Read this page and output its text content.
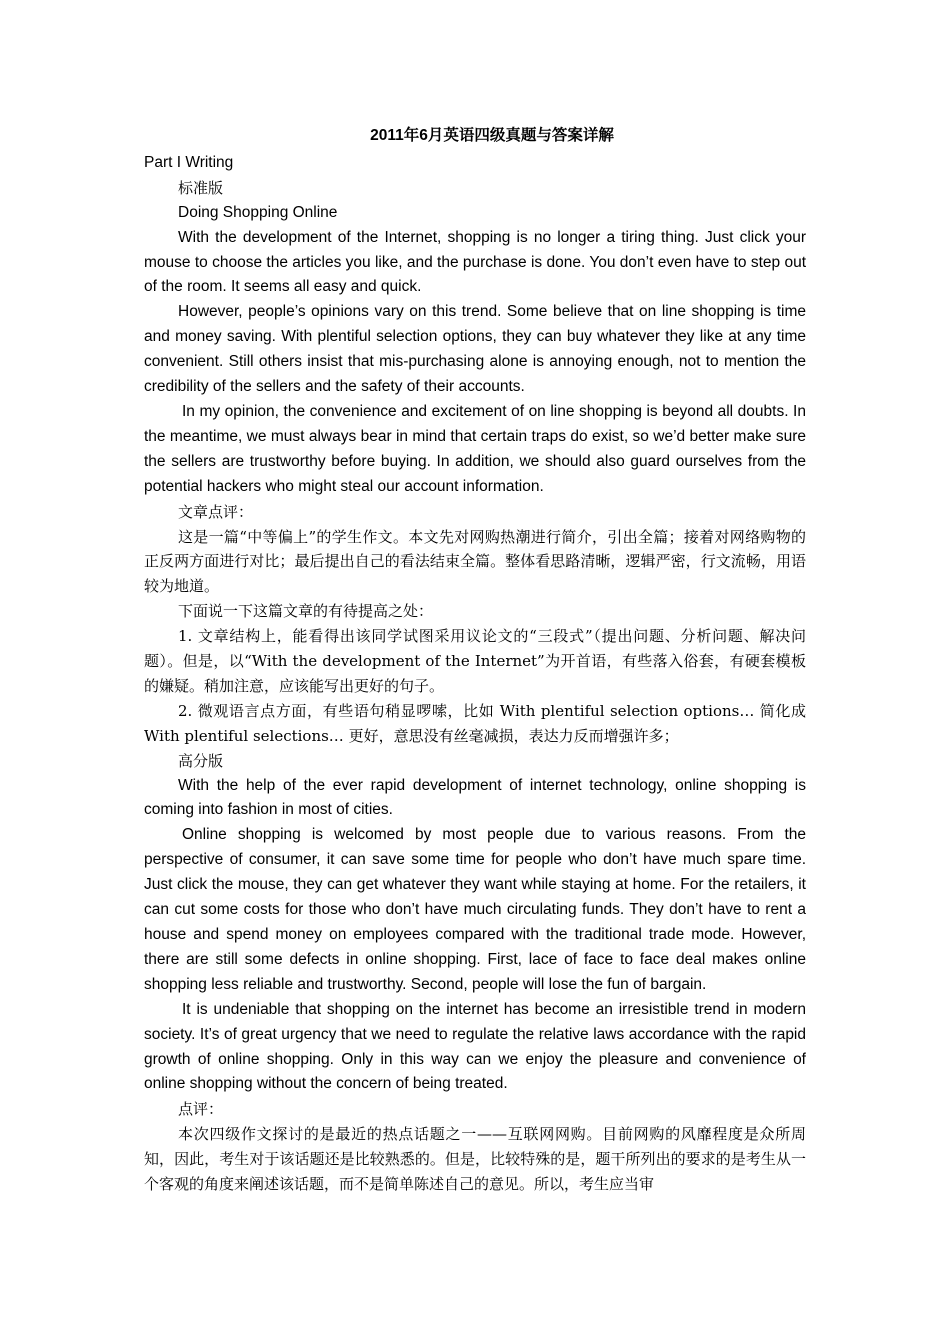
2011年6月英语四级真题与答案详解

Part I Writing

标准版

Doing Shopping Online

With the development of the Internet, shopping is no longer a tiring thing. Just click your mouse to choose the articles you like, and the purchase is done. You don’t even have to step out of the room. It seems all easy and quick.

However, people’s opinions vary on this trend. Some believe that on line shopping is time and money saving. With plentiful selection options, they can buy whatever they like at any time convenient. Still others insist that mis-purchasing alone is annoying enough, not to mention the credibility of the sellers and the safety of their accounts.

In my opinion, the convenience and excitement of on line shopping is beyond all doubts. In the meantime, we must always bear in mind that certain traps do exist, so we’d better make sure the sellers are trustworthy before buying. In addition, we should also guard ourselves from the potential hackers who might steal our account information.

文章点评：

这是一篇“中等偏上”的学生作文。本文先对网购热潮进行简介，引出全篇；接着对网络购物的正反两方面进行对比；最后提出自己的看法结束全篇。整体看思路清晰，逻辑严密，行文流畅，用语较为地道。

下面说一下这篇文章的有待提高之处：

1. 文章结构上，能看得出该同学试图采用议论文的“三段式”（提出问题、分析问题、解决问题）。但是，以“With the development of the Internet”为开首语，有些落入俗套，有硬套模板的嫌疑。稍加注意，应该能写出更好的句子。

2. 微观语言点方面，有些语句稍显啰嗦，比如 With plentiful selection options… 简化成 With plentiful selections… 更好，意思没有丝毫减损，表达力反而增强许多；

高分版

With the help of the ever rapid development of internet technology, online shopping is coming into fashion in most of cities.

Online shopping is welcomed by most people due to various reasons. From the perspective of consumer, it can save some time for people who don’t have much spare time. Just click the mouse, they can get whatever they want while staying at home. For the retailers, it can cut some costs for those who don’t have much circulating funds. They don’t have to rent a house and spend money on employees compared with the traditional trade mode. However, there are still some defects in online shopping. First, lace of face to face deal makes online shopping less reliable and trustworthy. Second, people will lose the fun of bargain.

It is undeniable that shopping on the internet has become an irresistible trend in modern society. It’s of great urgency that we need to regulate the relative laws accordance with the rapid growth of online shopping. Only in this way can we enjoy the pleasure and convenience of online shopping without the concern of being treated.

点评：

本次四级作文探讨的是最近的热点话题之一——互联网网购。目前网购的风靡程度是众所周知，因此，考生对于该话题还是比较熟悉的。但是，比较特殊的是，题干所列出的要求的是考生从一个客观的角度来阐述该话题，而不是简单陈述自己的意见。所以，考生应当审
